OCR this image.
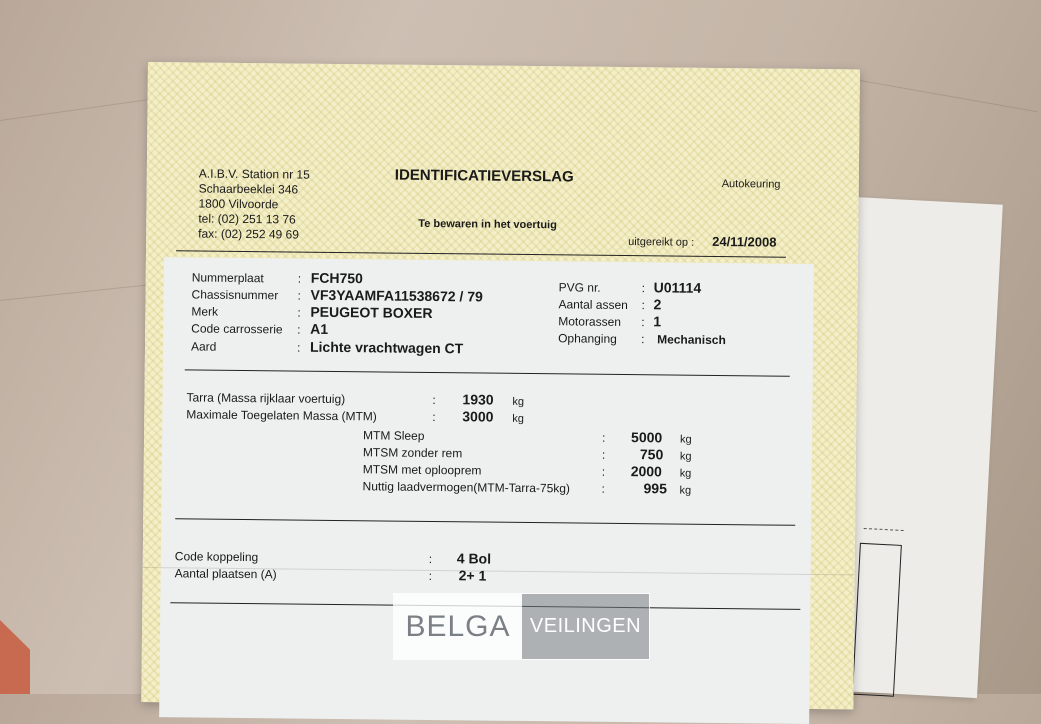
A.I.B.V. Station nr 15
Schaarbeeklei 346
1800 Vilvoorde
tel: (02) 251 13 76
fax: (02) 252 49 69
IDENTIFICATIEVERSLAG
Te bewaren in het voertuig
Autokeuring
uitgereikt op : 24/11/2008
Nummerplaat	: FCH750
Chassisnummer : VF3YAAMFA11538672 / 79
Merk	: PEUGEOT BOXER
Code carrosserie : A1
Aard	: Lichte vrachtwagen CT
PVG nr.	: U01114
Aantal assen : 2
Motorassen : 1
Ophanging : Mechanisch
Tarra (Massa rijklaar voertuig)	: 1930 kg
Maximale Toegelaten Massa (MTM)	: 3000 kg
MTM Sleep	: 5000 kg
MTSM zonder rem	: 750 kg
MTSM met oplooprem	: 2000 kg
Nuttig laadvermogen(MTM-Tarra-75kg)	:	995 kg
Code koppeling	: 4 Bol
Aantal plaatsen (A)	: 2+ 1
BELGA VEILINGEN
